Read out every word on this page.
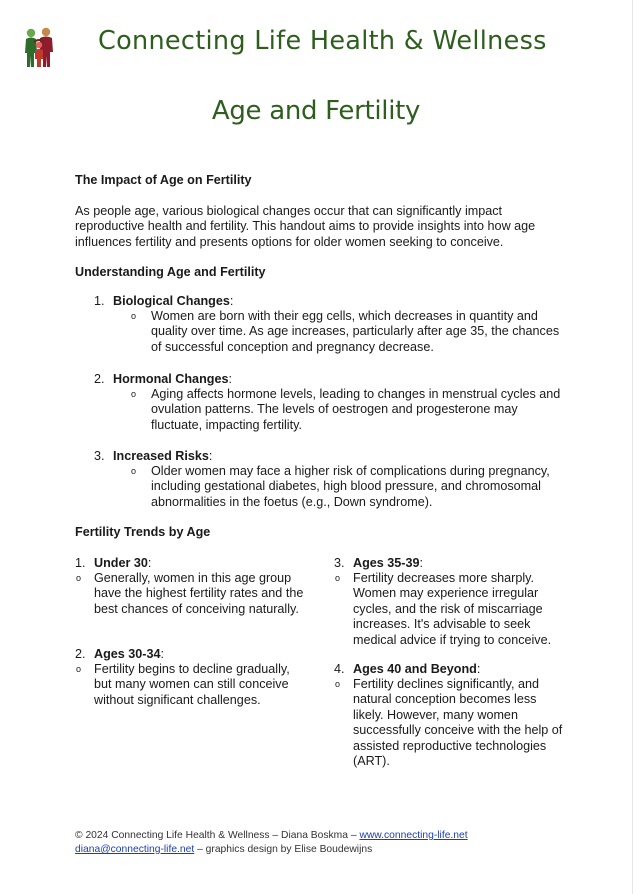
Connecting Life Health & Wellness
Age and Fertility
The Impact of Age on Fertility

As people age, various biological changes occur that can significantly impact reproductive health and fertility. This handout aims to provide insights into how age influences fertility and presents options for older women seeking to conceive.

Understanding Age and Fertility
1. Biological Changes:
o Women are born with their egg cells, which decreases in quantity and quality over time. As age increases, particularly after age 35, the chances of successful conception and pregnancy decrease.
2. Hormonal Changes:
o Aging affects hormone levels, leading to changes in menstrual cycles and ovulation patterns. The levels of oestrogen and progesterone may fluctuate, impacting fertility.
3. Increased Risks:
o Older women may face a higher risk of complications during pregnancy, including gestational diabetes, high blood pressure, and chromosomal abnormalities in the foetus (e.g., Down syndrome).
Fertility Trends by Age
1. Under 30:
o Generally, women in this age group have the highest fertility rates and the best chances of conceiving naturally.
2. Ages 30-34:
o Fertility begins to decline gradually, but many women can still conceive without significant challenges.
3. Ages 35-39:
o Fertility decreases more sharply. Women may experience irregular cycles, and the risk of miscarriage increases. It's advisable to seek medical advice if trying to conceive.
4. Ages 40 and Beyond:
o Fertility declines significantly, and natural conception becomes less likely. However, many women successfully conceive with the help of assisted reproductive technologies (ART).
© 2024 Connecting Life Health & Wellness – Diana Boskma – www.connecting-life.net
diana@connecting-life.net – graphics design by Elise Boudewijns
